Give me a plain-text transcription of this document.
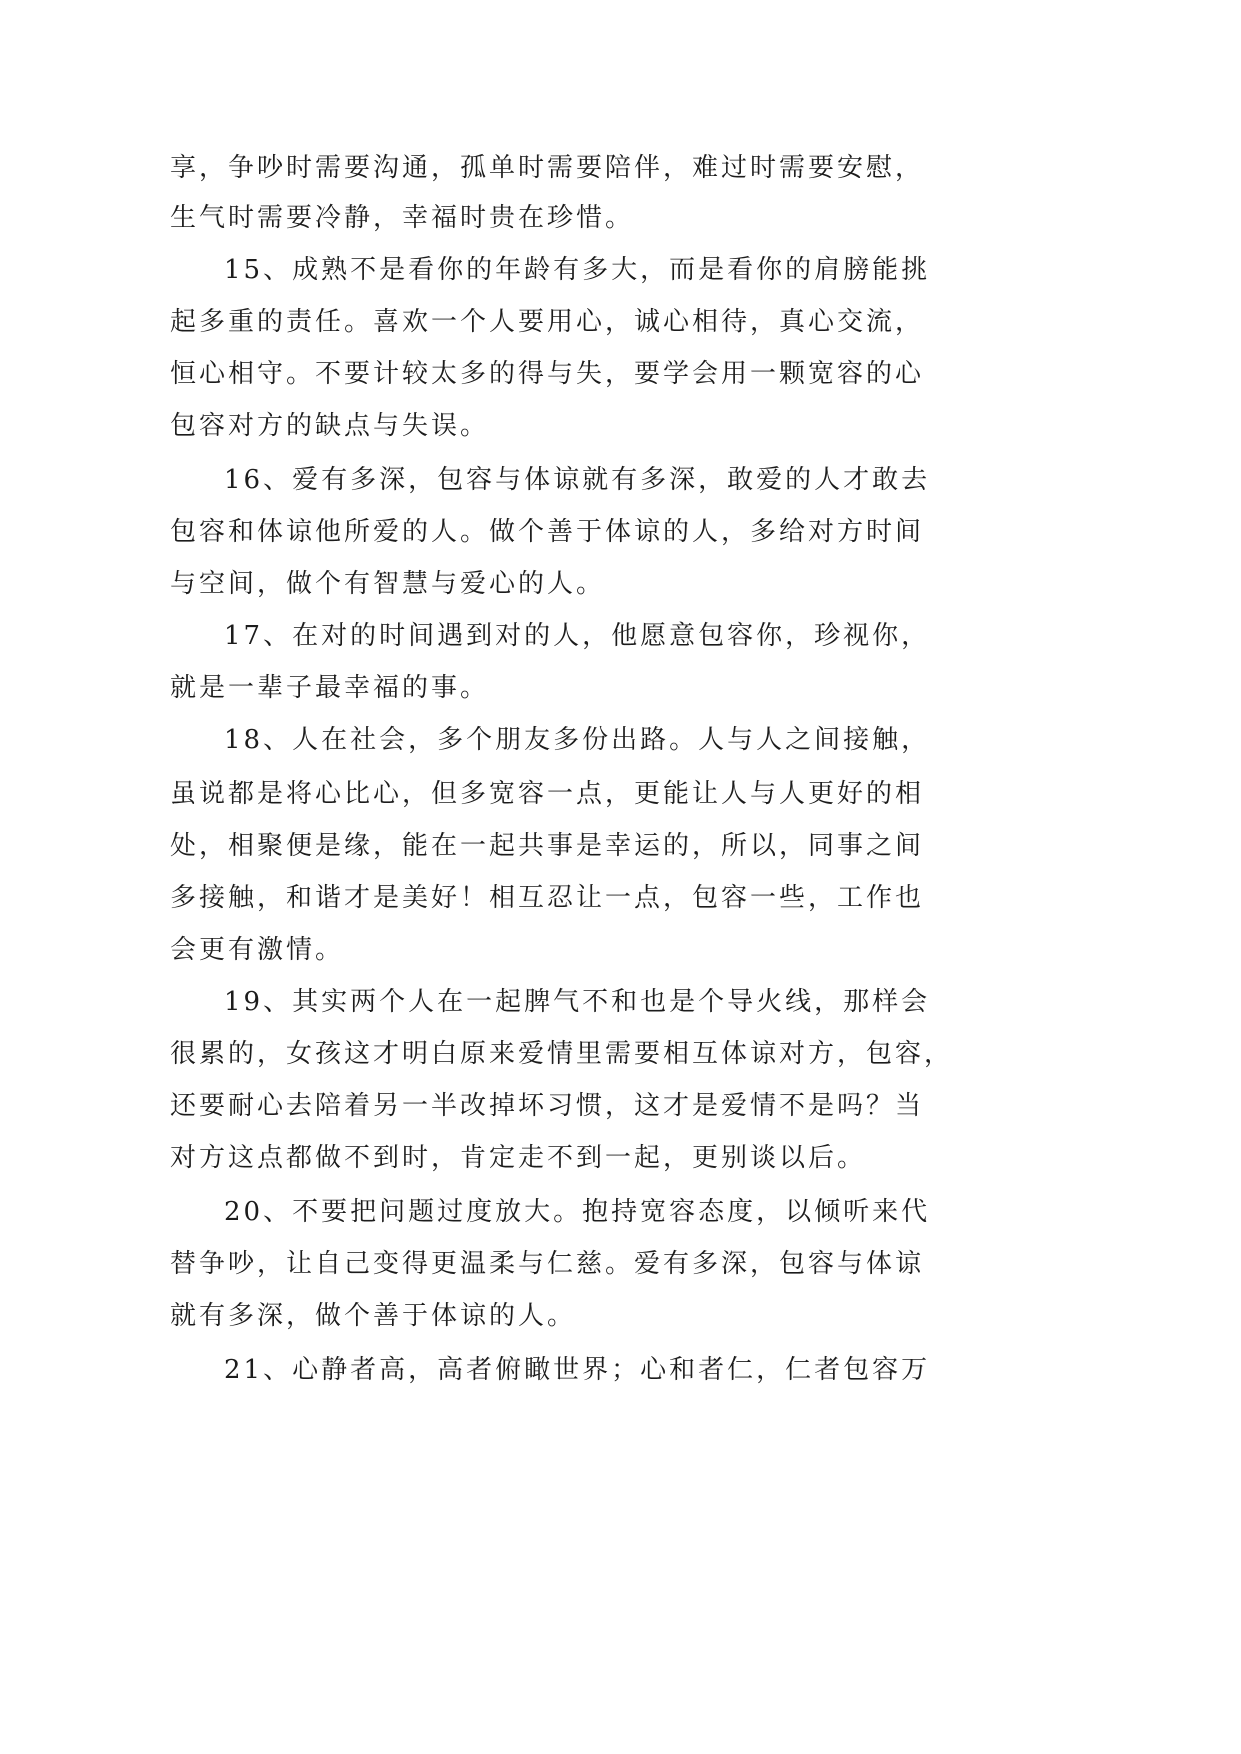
享，争吵时需要沟通，孤单时需要陪伴，难过时需要安慰，
生气时需要冷静，幸福时贵在珍惜。
15、成熟不是看你的年龄有多大，而是看你的肩膀能挑
起多重的责任。喜欢一个人要用心，诚心相待，真心交流，
恒心相守。不要计较太多的得与失，要学会用一颗宽容的心
包容对方的缺点与失误。
16、爱有多深，包容与体谅就有多深，敢爱的人才敢去
包容和体谅他所爱的人。做个善于体谅的人，多给对方时间
与空间，做个有智慧与爱心的人。
17、在对的时间遇到对的人，他愿意包容你，珍视你，
就是一辈子最幸福的事。
18、人在社会，多个朋友多份出路。人与人之间接触，
虽说都是将心比心，但多宽容一点，更能让人与人更好的相
处，相聚便是缘，能在一起共事是幸运的，所以，同事之间
多接触，和谐才是美好！相互忍让一点，包容一些，工作也
会更有激情。
19、其实两个人在一起脾气不和也是个导火线，那样会
很累的，女孩这才明白原来爱情里需要相互体谅对方，包容，
还要耐心去陪着另一半改掉坏习惯，这才是爱情不是吗？当
对方这点都做不到时，肯定走不到一起，更别谈以后。
20、不要把问题过度放大。抱持宽容态度，以倾听来代
替争吵，让自己变得更温柔与仁慈。爱有多深，包容与体谅
就有多深，做个善于体谅的人。
21、心静者高，高者俯瞰世界；心和者仁，仁者包容万
